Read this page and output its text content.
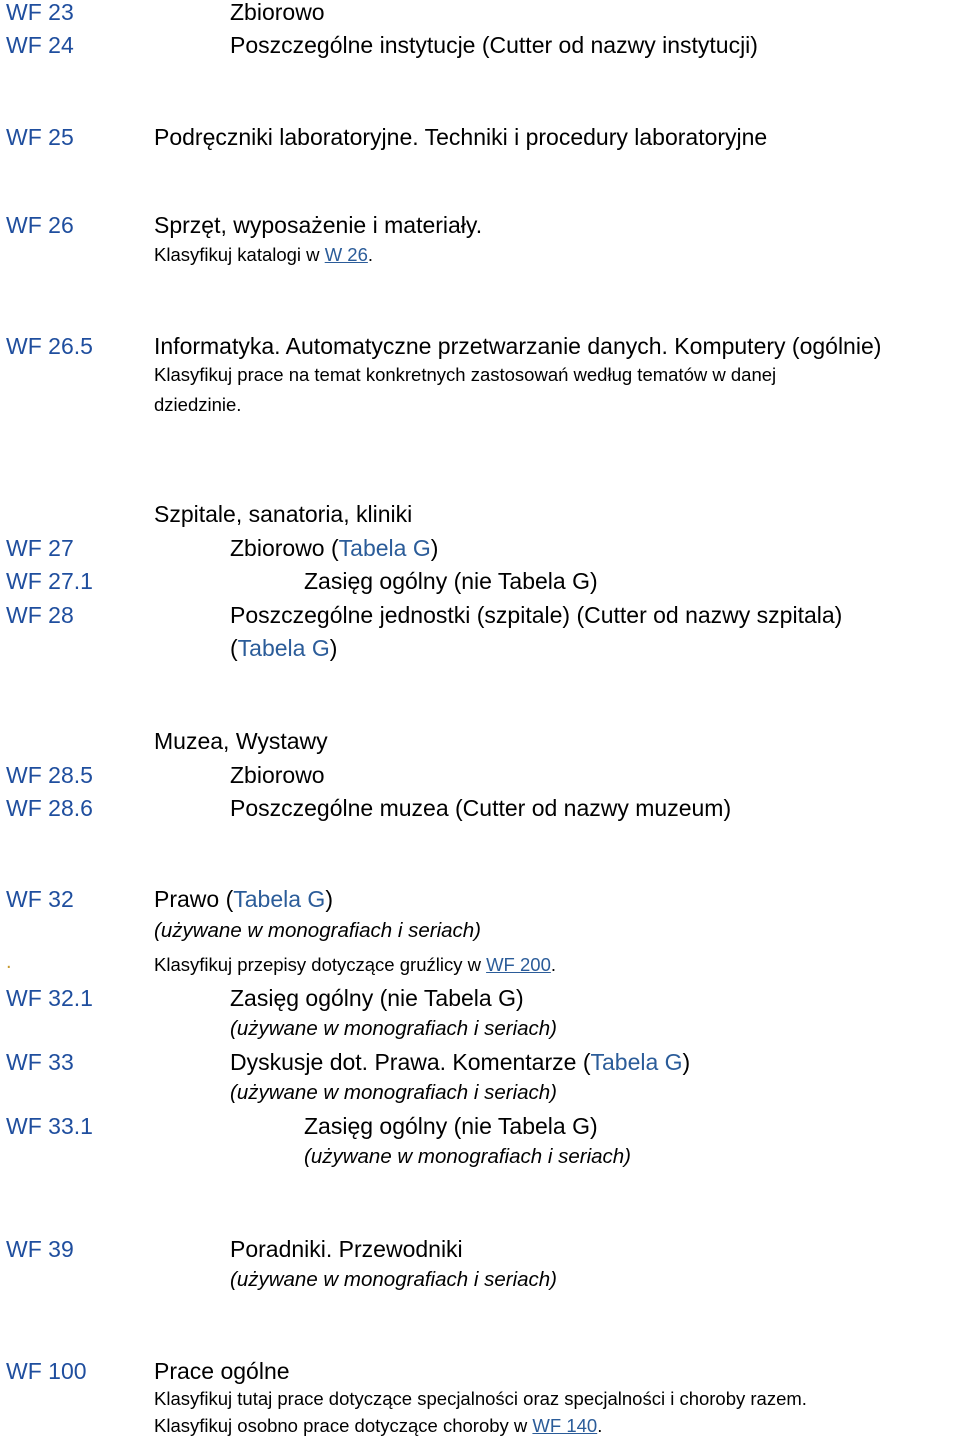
WF 23
WF 24
WF 25
WF 26
WF 26.5
WF 27
WF 27.1
WF 28
WF 28.5
WF 28.6
WF 32
.
WF 32.1
WF 33
WF 33.1
WF 39
WF 100
Zbiorowo
Poszczególne instytucje (Cutter od nazwy instytucji)
Podręczniki laboratoryjne. Techniki i procedury laboratoryjne
Sprzęt, wyposażenie i materiały.
Klasyfikuj katalogi w W 26.
Informatyka. Automatyczne przetwarzanie danych. Komputery (ogólnie)
Klasyfikuj prace na temat konkretnych zastosowań według tematów w danej
dziedzinie.
Szpitale, sanatoria, kliniki
Zbiorowo (Tabela G)
Zasięg ogólny (nie Tabela G)
Poszczególne jednostki (szpitale) (Cutter od nazwy szpitala)
(Tabela G)
Muzea, Wystawy
Zbiorowo
Poszczególne muzea (Cutter od nazwy muzeum)
Prawo (Tabela G)
(używane w monografiach i seriach)
Klasyfikuj przepisy dotyczące gruźlicy w WF 200.
Zasięg ogólny (nie Tabela G)
(używane w monografiach i seriach)
Dyskusje dot. Prawa. Komentarze (Tabela G)
(używane w monografiach i seriach)
Zasięg ogólny (nie Tabela G)
(używane w monografiach i seriach)
Poradniki. Przewodniki
(używane w monografiach i seriach)
Prace ogólne
Klasyfikuj tutaj prace dotyczące specjalności oraz specjalności i choroby razem.
Klasyfikuj osobno prace dotyczące choroby w WF 140.
